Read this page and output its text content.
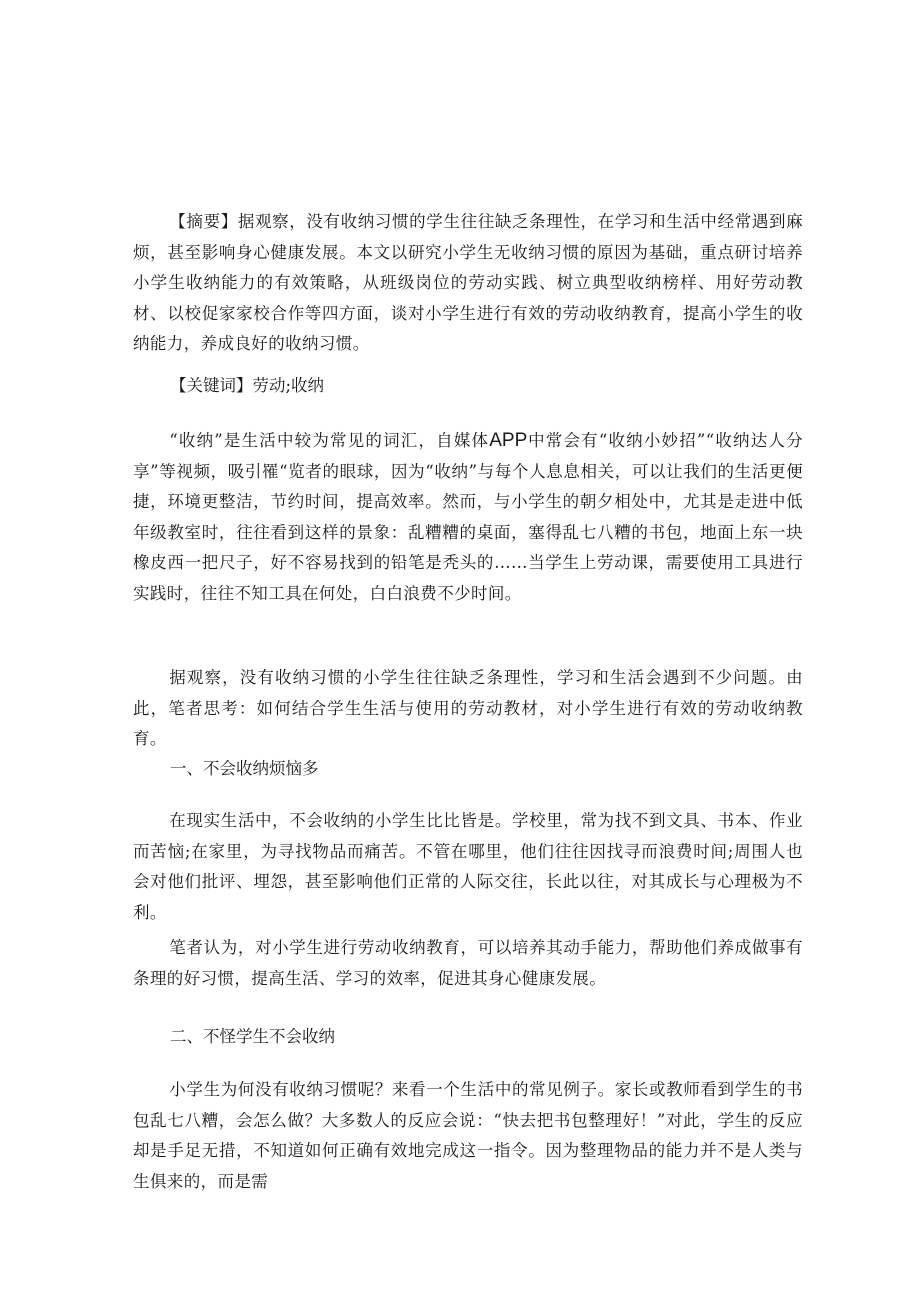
【摘要】据观察，没有收纳习惯的学生往往缺乏条理性，在学习和生活中经常遇到麻烦，甚至影响身心健康发展。本文以研究小学生无收纳习惯的原因为基础，重点研讨培养小学生收纳能力的有效策略，从班级岗位的劳动实践、树立典型收纳榜样、用好劳动教材、以校促家家校合作等四方面，谈对小学生进行有效的劳动收纳教育，提高小学生的收纳能力，养成良好的收纳习惯。

【关键词】劳动;收纳

“收纳”是生活中较为常见的词汇，自媒体APP中常会有“收纳小妙招”“收纳达人分享”等视频，吸引罹“览者的眼球，因为“收纳”与每个人息息相关，可以让我们的生活更便捷，环境更整洁，节约时间，提高效率。然而，与小学生的朝夕相处中，尤其是走进中低年级教室时，往往看到这样的景象：乱糟糟的桌面，塞得乱七八糟的书包，地面上东一块橡皮西一把尺子，好不容易找到的铅笔是秃头的……当学生上劳动课，需要使用工具进行实践时，往往不知工具在何处，白白浪费不少时间。

据观察，没有收纳习惯的小学生往往缺乏条理性，学习和生活会遇到不少问题。由此，笔者思考：如何结合学生生活与使用的劳动教材，对小学生进行有效的劳动收纳教育。

一、不会收纳烦恼多

在现实生活中，不会收纳的小学生比比皆是。学校里，常为找不到文具、书本、作业而苦恼;在家里，为寻找物品而痛苦。不管在哪里，他们往往因找寻而浪费时间;周围人也会对他们批评、埋怨，甚至影响他们正常的人际交往，长此以往，对其成长与心理极为不利。

笔者认为，对小学生进行劳动收纳教育，可以培养其动手能力，帮助他们养成做事有条理的好习惯，提高生活、学习的效率，促进其身心健康发展。

二、不怪学生不会收纳

小学生为何没有收纳习惯呢？来看一个生活中的常见例子。家长或教师看到学生的书包乱七八糟，会怎么做？大多数人的反应会说：“快去把书包整理好！”对此，学生的反应却是手足无措，不知道如何正确有效地完成这一指令。因为整理物品的能力并不是人类与生俱来的，而是需
